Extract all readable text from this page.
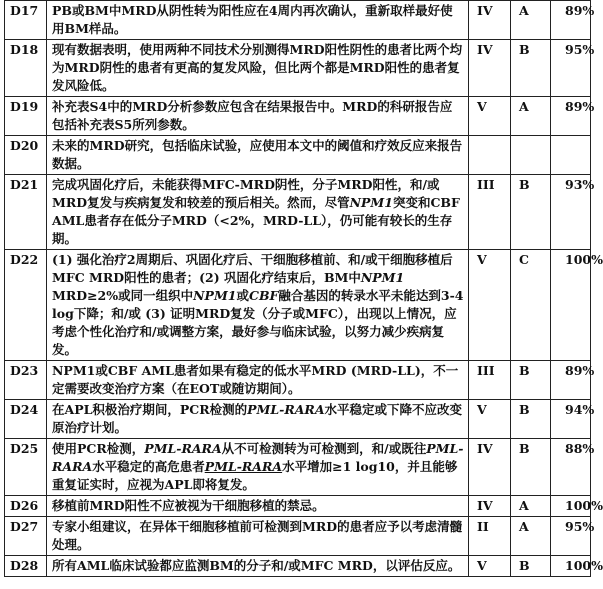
D17	PB或BM中MRD从阴性转为阳性应在4周内再次确认，重新取样最好使用BM样品。	IV	A	89%
D18	现有数据表明，使用两种不同技术分别测得MRD阳性阴性的患者比两个均为MRD阴性的患者有更高的复发风险，但比两个都是MRD阳性的患者复发风险低。	IV	B	95%
D19	补充表S4中的MRD分析参数应包含在结果报告中。MRD的科研报告应包括补充表S5所列参数。	V	A	89%
D20	未来的MRD研究，包括临床试验，应使用本文中的阈值和疗效反应来报告数据。			
D21	完成巩固化疗后，未能获得MFC-MRD阴性，分子MRD阳性，和/或MRD复发与疾病复发和较差的预后相关。然而，尽管NPM1突变和CBF AML患者存在低分子MRD（<2%，MRD-LL），仍可能有较长的生存期。	III	B	93%
D22	(1) 强化治疗2周期后、巩固化疗后、干细胞移植前、和/或干细胞移植后MFC MRD阳性的患者；(2) 巩固化疗结束后，BM中NPM1 MRD≥2%或同一组织中NPM1或CBF融合基因的转录水平未能达到3-4 log下降；和/或 (3) 证明MRD复发（分子或MFC），出现以上情况，应考虑个性化治疗和/或调整方案，最好参与临床试验，以努力减少疾病复发。	V	C	100%
D23	NPM1或CBF AML患者如果有稳定的低水平MRD (MRD-LL)，不一定需要改变治疗方案（在EOT或随访期间）。	III	B	89%
D24	在APL积极治疗期间，PCR检测的PML-RARA水平稳定或下降不应改变原治疗计划。	V	B	94%
D25	使用PCR检测，PML-RARA从不可检测转为可检测到，和/或既往PML-RARA水平稳定的高危患者PML-RARA水平增加≥1 log10，并且能够重复证实时，应视为APL即将复发。	IV	B	88%
D26	移植前MRD阳性不应被视为干细胞移植的禁忌。	IV	A	100%
D27	专家小组建议，在异体干细胞移植前可检测到MRD的患者应予以考虑清髓处理。	II	A	95%
D28	所有AML临床试验都应监测BM的分子和/或MFC MRD，以评估反应。	V	B	100%
